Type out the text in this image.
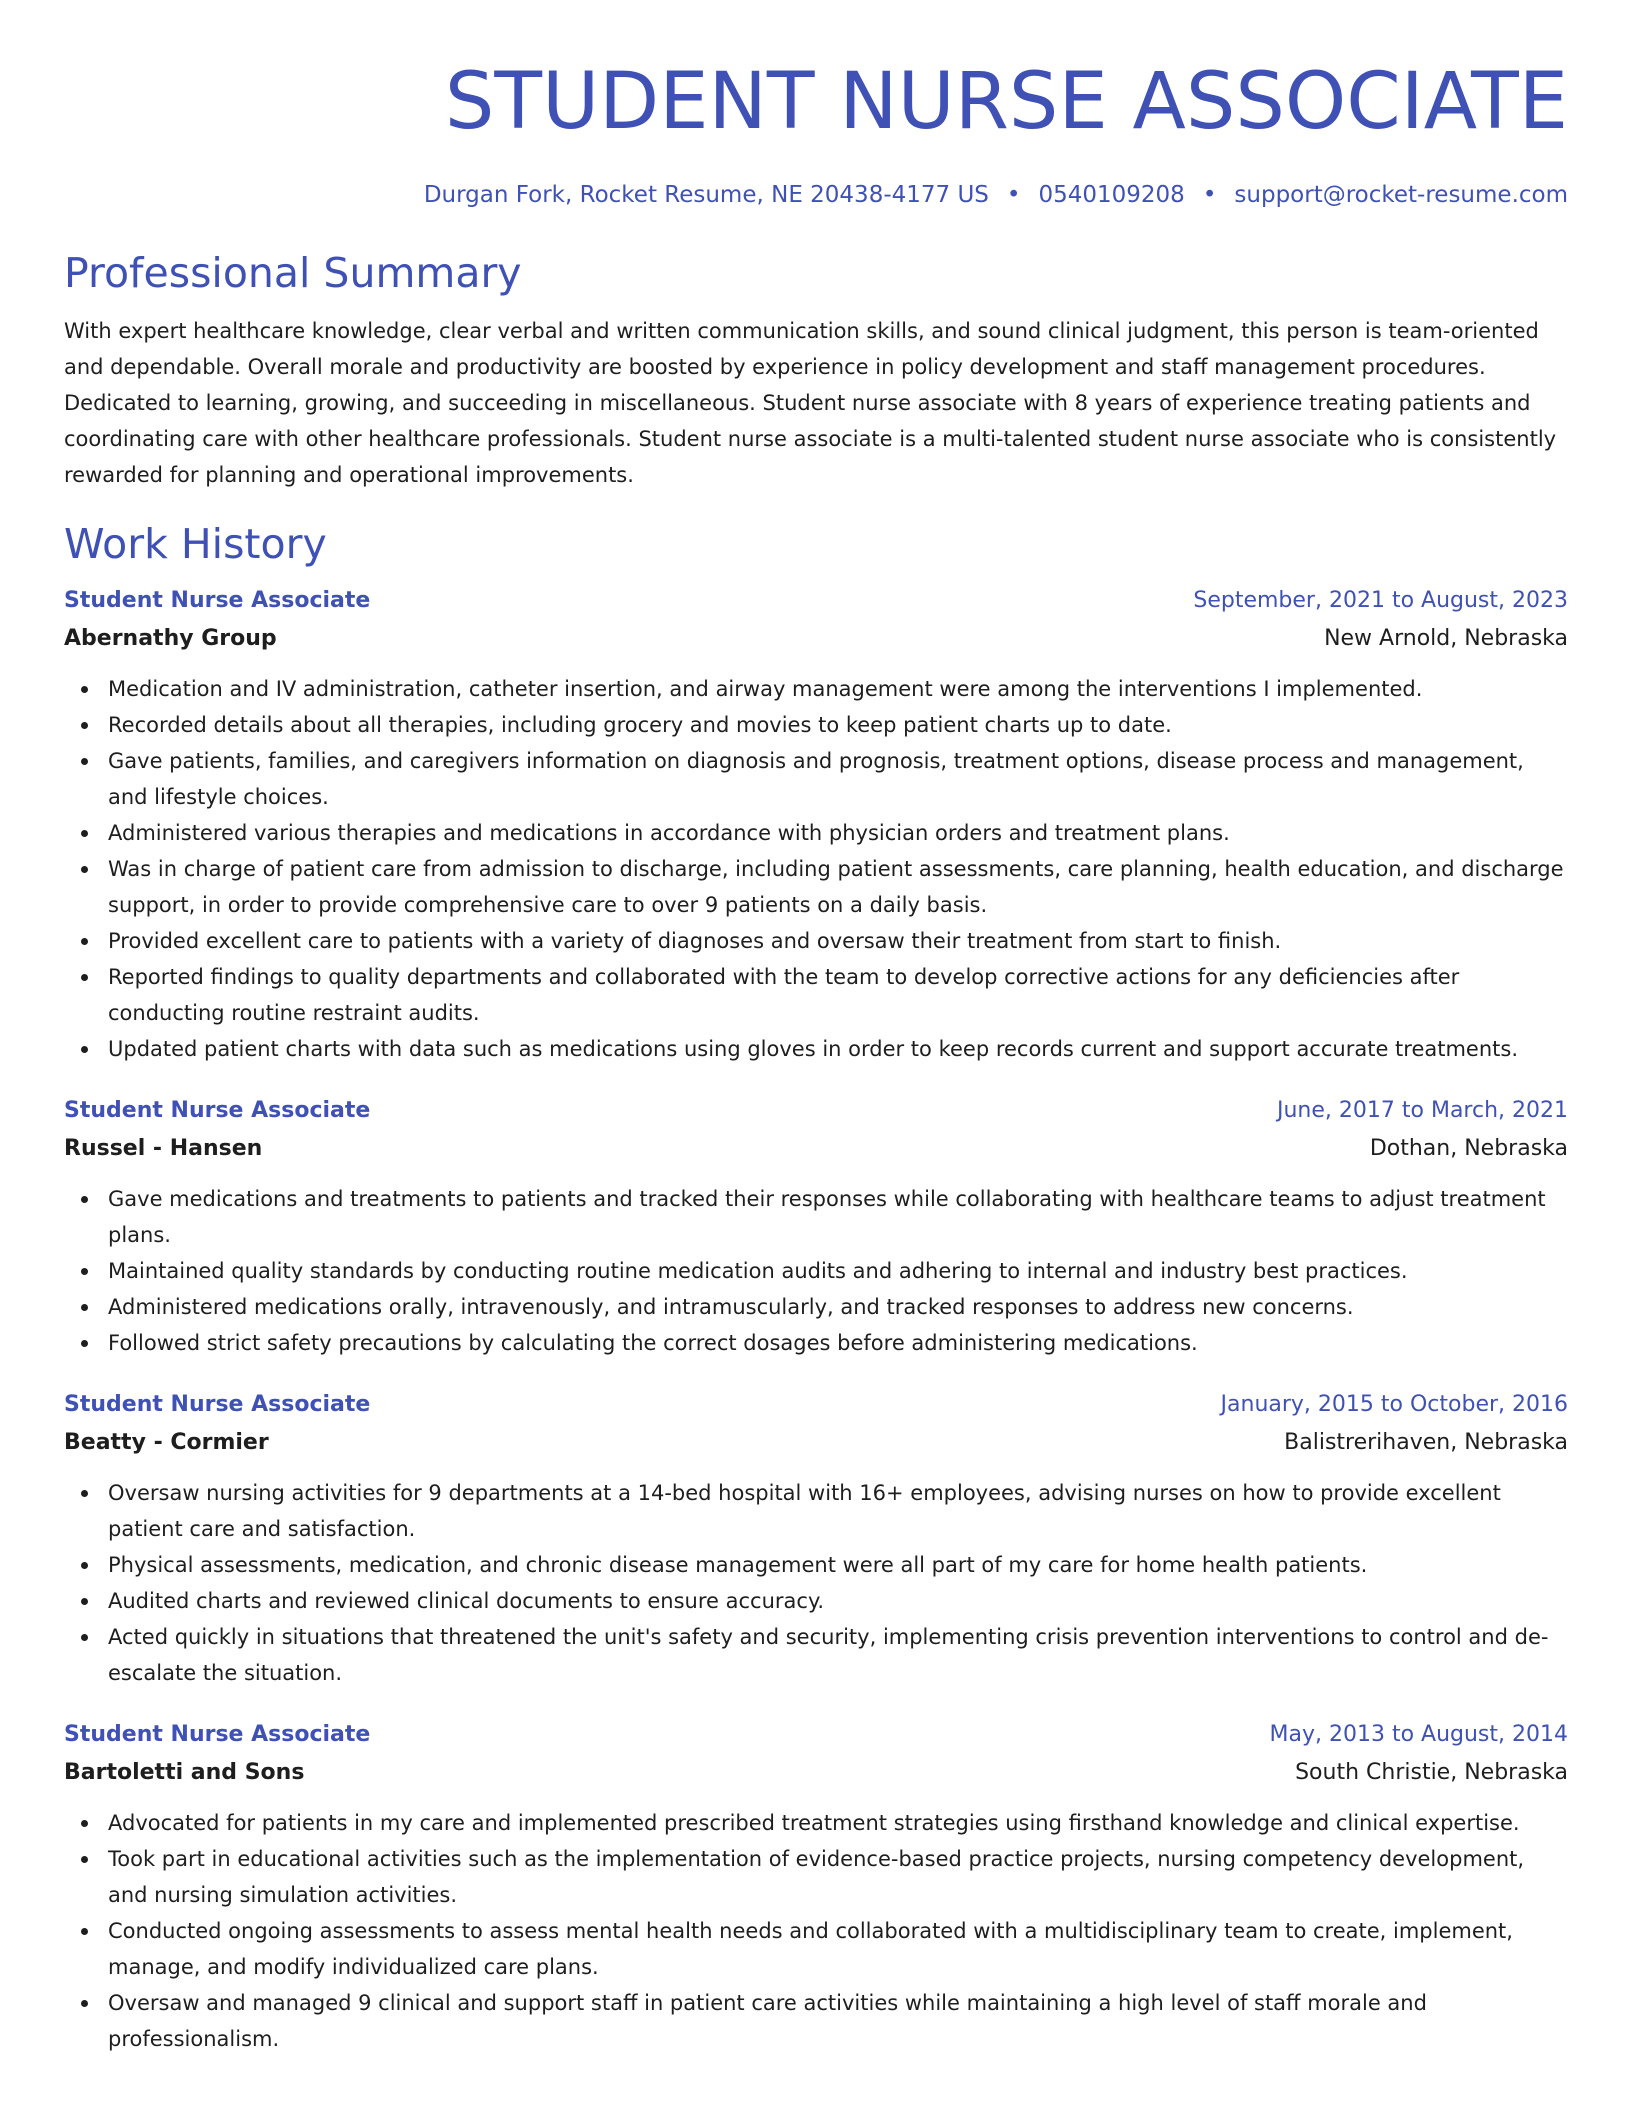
STUDENT NURSE ASSOCIATE
Durgan Fork, Rocket Resume, NE 20438-4177 US • 0540109208 • support@rocket-resume.com
Professional Summary

With expert healthcare knowledge, clear verbal and written communication skills, and sound clinical judgment, this person is team-oriented and dependable. Overall morale and productivity are boosted by experience in policy development and staff management procedures. Dedicated to learning, growing, and succeeding in miscellaneous. Student nurse associate with 8 years of experience treating patients and coordinating care with other healthcare professionals. Student nurse associate is a multi-talented student nurse associate who is consistently rewarded for planning and operational improvements.

Work History
Student Nurse Associate	September, 2021 to August, 2023
Abernathy Group	New Arnold, Nebraska
Medication and IV administration, catheter insertion, and airway management were among the interventions I implemented.
Recorded details about all therapies, including grocery and movies to keep patient charts up to date.
Gave patients, families, and caregivers information on diagnosis and prognosis, treatment options, disease process and management, and lifestyle choices.
Administered various therapies and medications in accordance with physician orders and treatment plans.
Was in charge of patient care from admission to discharge, including patient assessments, care planning, health education, and discharge support, in order to provide comprehensive care to over 9 patients on a daily basis.
Provided excellent care to patients with a variety of diagnoses and oversaw their treatment from start to finish.
Reported findings to quality departments and collaborated with the team to develop corrective actions for any deficiencies after conducting routine restraint audits.
Updated patient charts with data such as medications using gloves in order to keep records current and support accurate treatments.
Student Nurse Associate	June, 2017 to March, 2021
Russel - Hansen	Dothan, Nebraska
Gave medications and treatments to patients and tracked their responses while collaborating with healthcare teams to adjust treatment plans.
Maintained quality standards by conducting routine medication audits and adhering to internal and industry best practices.
Administered medications orally, intravenously, and intramuscularly, and tracked responses to address new concerns.
Followed strict safety precautions by calculating the correct dosages before administering medications.
Student Nurse Associate	January, 2015 to October, 2016
Beatty - Cormier	Balistrerihaven, Nebraska
Oversaw nursing activities for 9 departments at a 14-bed hospital with 16+ employees, advising nurses on how to provide excellent patient care and satisfaction.
Physical assessments, medication, and chronic disease management were all part of my care for home health patients.
Audited charts and reviewed clinical documents to ensure accuracy.
Acted quickly in situations that threatened the unit's safety and security, implementing crisis prevention interventions to control and de-escalate the situation.
Student Nurse Associate	May, 2013 to August, 2014
Bartoletti and Sons	South Christie, Nebraska
Advocated for patients in my care and implemented prescribed treatment strategies using firsthand knowledge and clinical expertise.
Took part in educational activities such as the implementation of evidence-based practice projects, nursing competency development, and nursing simulation activities.
Conducted ongoing assessments to assess mental health needs and collaborated with a multidisciplinary team to create, implement, manage, and modify individualized care plans.
Oversaw and managed 9 clinical and support staff in patient care activities while maintaining a high level of staff morale and professionalism.
